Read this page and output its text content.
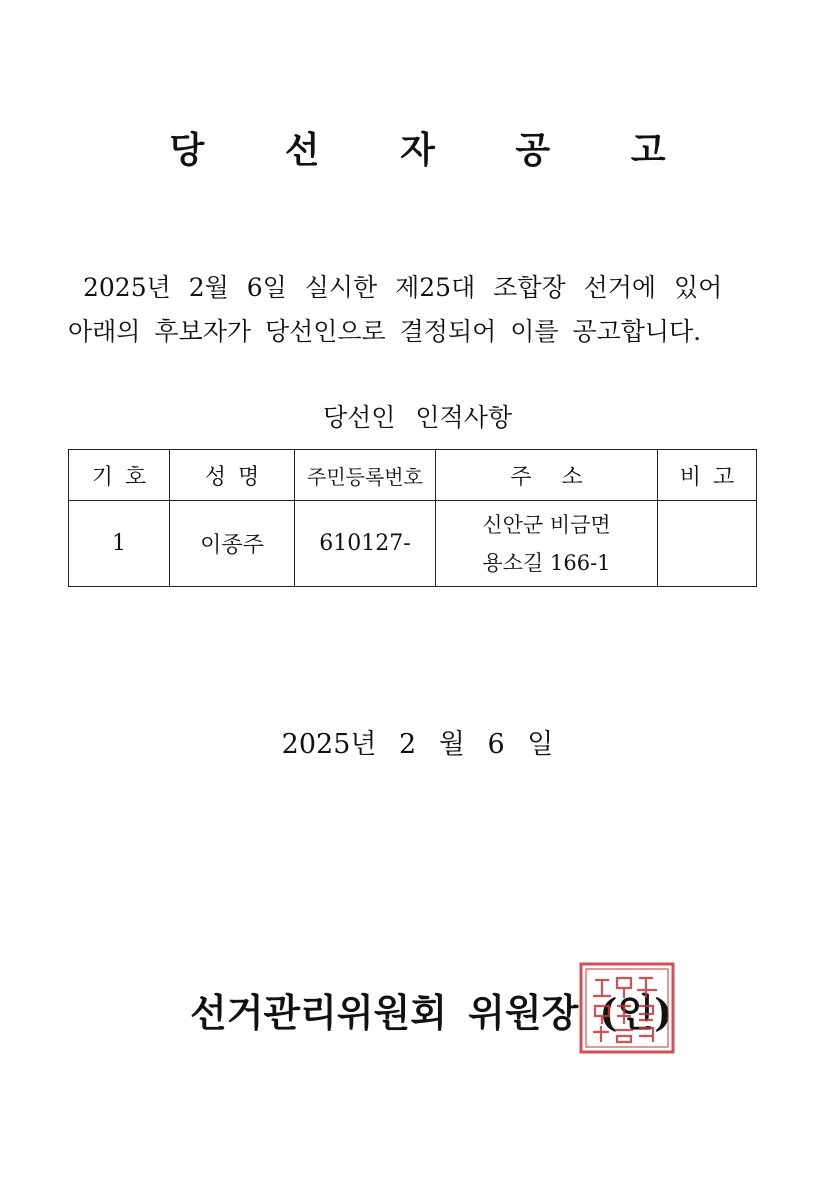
당 선 자 공 고
2025년 2월 6일 실시한 제25대 조합장 선거에 있어
아래의 후보자가 당선인으로 결정되어 이를 공고합니다.
당선인 인적사항
기호	성명	주민등록번호	주소	비고
1	이종주	610127-	신안군 비금면
용소길 166-1	

2025년 2 월 6 일
선거관리위원회 위원장 (인)
